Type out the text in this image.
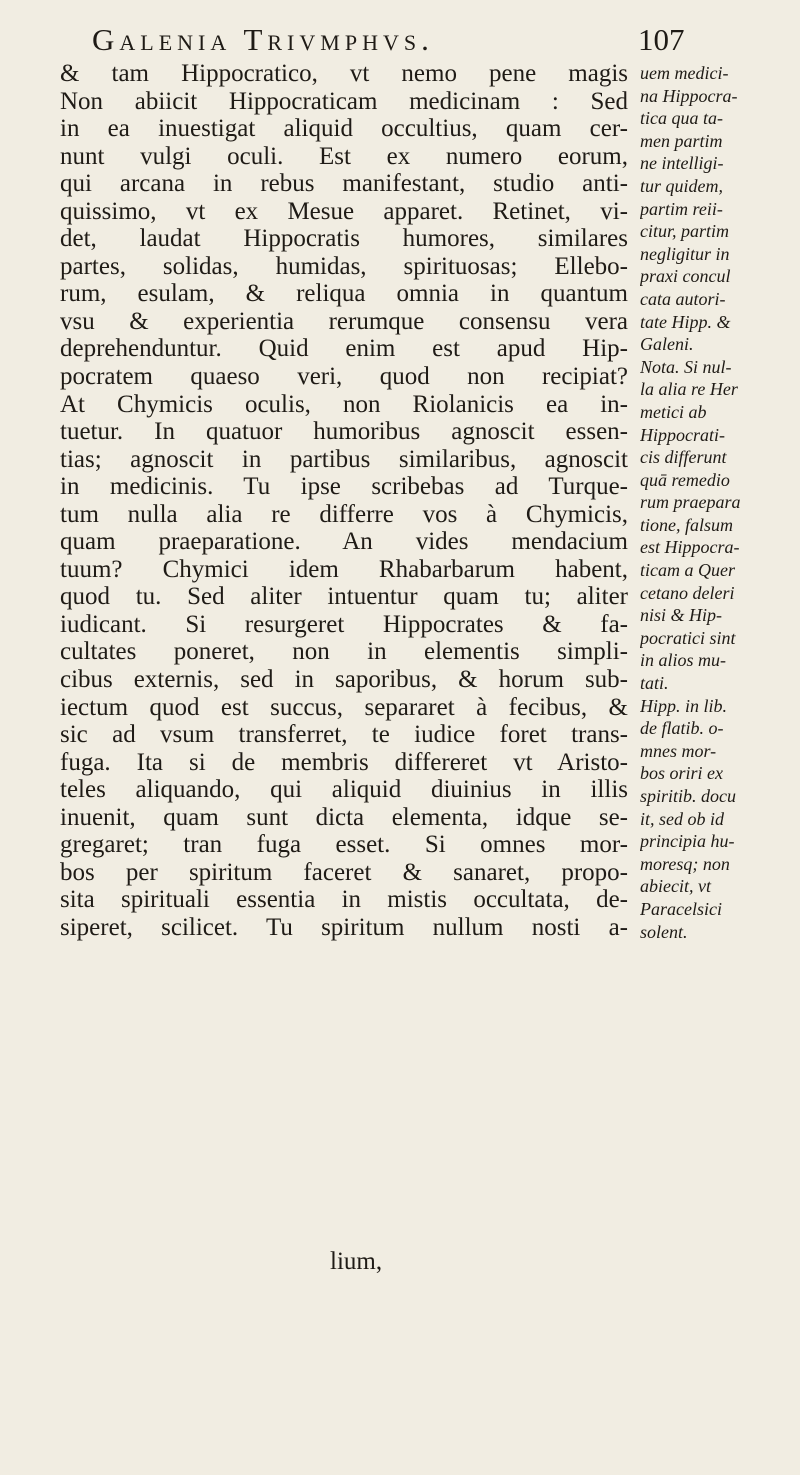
Galenia Trivmphvs.	107
& tam Hippocratico, vt nemo pene magis
Non abiicit Hippocraticam medicinam : Sed
in ea inuestigat aliquid occultius, quam cer-
nunt vulgi oculi. Est ex numero eorum,
qui arcana in rebus manifestant, studio anti-
quissimo, vt ex Mesue apparet. Retinet, vi-
det, laudat Hippocratis humores, similares
partes, solidas, humidas, spirituosas; Ellebo-
rum, esulam, & reliqua omnia in quantum
vsu & experientia rerumque consensu vera
deprehenduntur. Quid enim est apud Hip-
pocratem quaeso veri, quod non recipiat?
At Chymicis oculis, non Riolanicis ea in-
tuetur. In quatuor humoribus agnoscit essen-
tias; agnoscit in partibus similaribus, agnoscit
in medicinis. Tu ipse scribebas ad Turque-
tum nulla alia re differre vos à Chymicis,
quam praeparatione. An vides mendacium
tuum? Chymici idem Rhabarbarum habent,
quod tu. Sed aliter intuentur quam tu; aliter
iudicant. Si resurgeret Hippocrates & fa-
cultates poneret, non in elementis simpli-
cibus externis, sed in saporibus, & horum sub-
iectum quod est succus, separaret à fecibus, &
sic ad vsum transferret, te iudice foret trans-
fuga. Ita si de membris differeret vt Aristo-
teles aliquando, qui aliquid diuinius in illis
inuenit, quam sunt dicta elementa, idque se-
gregaret; tran fuga esset. Si omnes mor-
bos per spiritum faceret & sanaret, propo-
sita spirituali essentia in mistis occultata, de-
siperet, scilicet. Tu spiritum nullum nosti a-
uem medici-
na Hippocra-
tica qua ta-
men partim
ne intelligi-
tur quidem,
partim reii-
citur, partim
negligitur in
praxi concul
cata autori-
tate Hipp. &
Galeni.
Nota. Si nul-
la alia re Her
metici ab
Hippocrati-
cis differunt
quā remedio
rum praepara
tione, falsum
est Hippocra-
ticam a Quer
cetano deleri
nisi & Hip-
pocratici sint
in alios mu-
tati.
Hipp. in lib.
de flatib. o-
mnes mor-
bos oriri ex
spiritib. docu
it, sed ob id
principia hu-
moresq; non
abiecit, vt
Paracelsici
solent.
lium,
